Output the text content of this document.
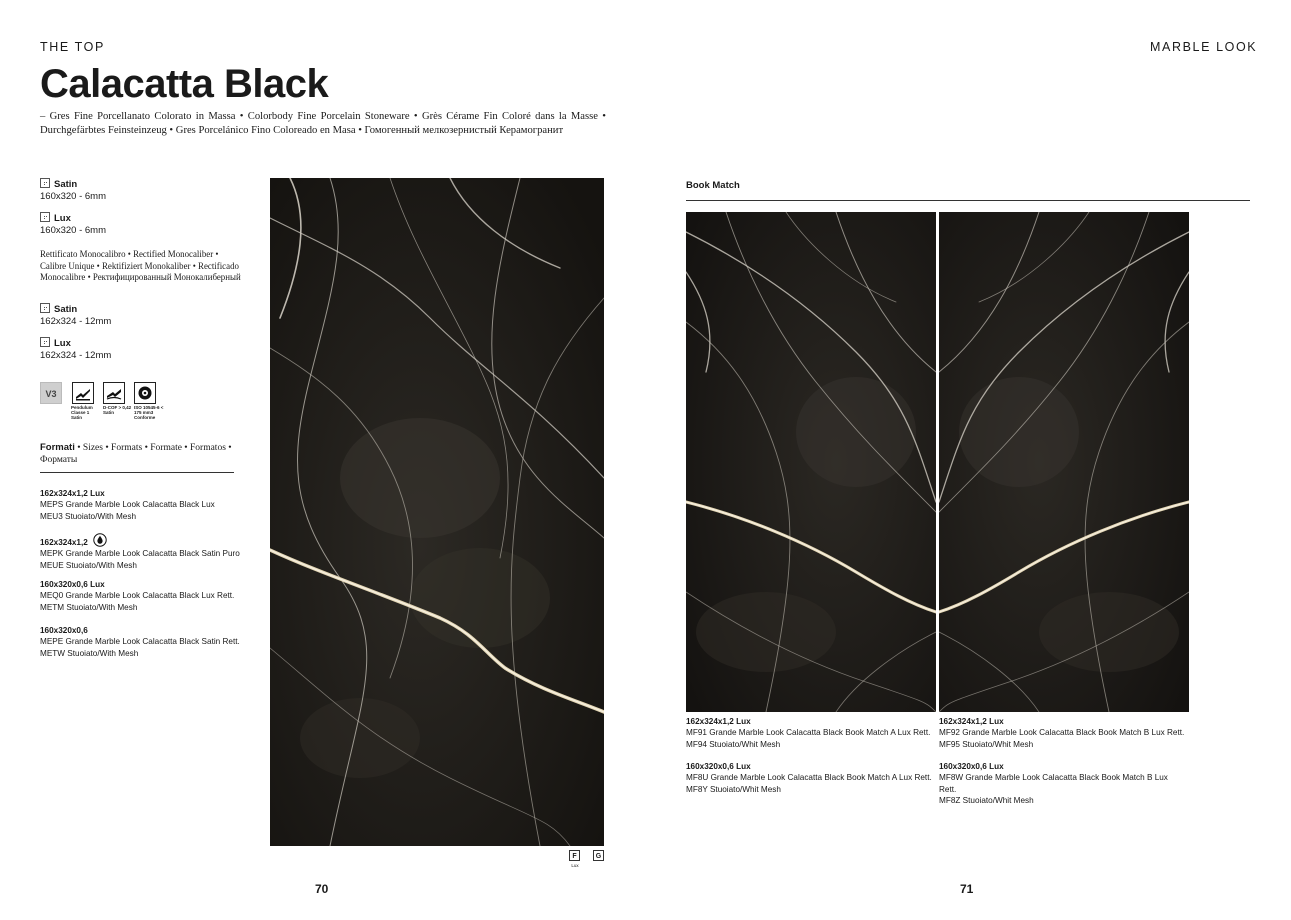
THE TOP	MARBLE LOOK
Calacatta Black
– Gres Fine Porcellanato Colorato in Massa • Colorbody Fine Porcelain Stoneware • Grès Cérame Fin Coloré dans la Masse • Durchgefärbtes Feinsteinzeug • Gres Porcelánico Fino Coloreado en Masa • Гомогенный мелкозернистый Керамогранит
Satin
160x320 - 6mm
Lux
160x320 - 6mm
Rettificato Monocalibro • Rectified Monocaliber • Calibre Unique • Rektifiziert Monokaliber • Rectificado Monocalibre • Ректифицированный Монокалиберный
Satin
162x324 - 12mm
Lux
162x324 - 12mm
V3
Pendulum Classe 1 Satin
D-COF > 0,42 Satin
ISO 10545-6 < 175 mm3 Conforme
Formati • Sizes • Formats • Formate • Formatos • Форматы
162x324x1,2 Lux
MEPS Grande Marble Look Calacatta Black Lux
MEU3 Stuoiato/With Mesh
162x324x1,2
MEPK Grande Marble Look Calacatta Black Satin Puro
MEUE Stuoiato/With Mesh
160x320x0,6 Lux
MEQ0 Grande Marble Look Calacatta Black Lux Rett.
METM Stuoiato/With Mesh
160x320x0,6
MEPE Grande Marble Look Calacatta Black Satin Rett.
METW Stuoiato/With Mesh
F
Lux
G
70
Book Match
162x324x1,2 Lux
MF91 Grande Marble Look Calacatta Black Book Match A Lux Rett.
MF94 Stuoiato/Whit Mesh
160x320x0,6 Lux
MF8U Grande Marble Look Calacatta Black Book Match A Lux Rett.
MF8Y Stuoiato/Whit Mesh
162x324x1,2 Lux
MF92 Grande Marble Look Calacatta Black Book Match B Lux Rett.
MF95 Stuoiato/Whit Mesh
160x320x0,6 Lux
MF8W Grande Marble Look Calacatta Black Book Match B Lux Rett.
MF8Z Stuoiato/Whit Mesh
71
